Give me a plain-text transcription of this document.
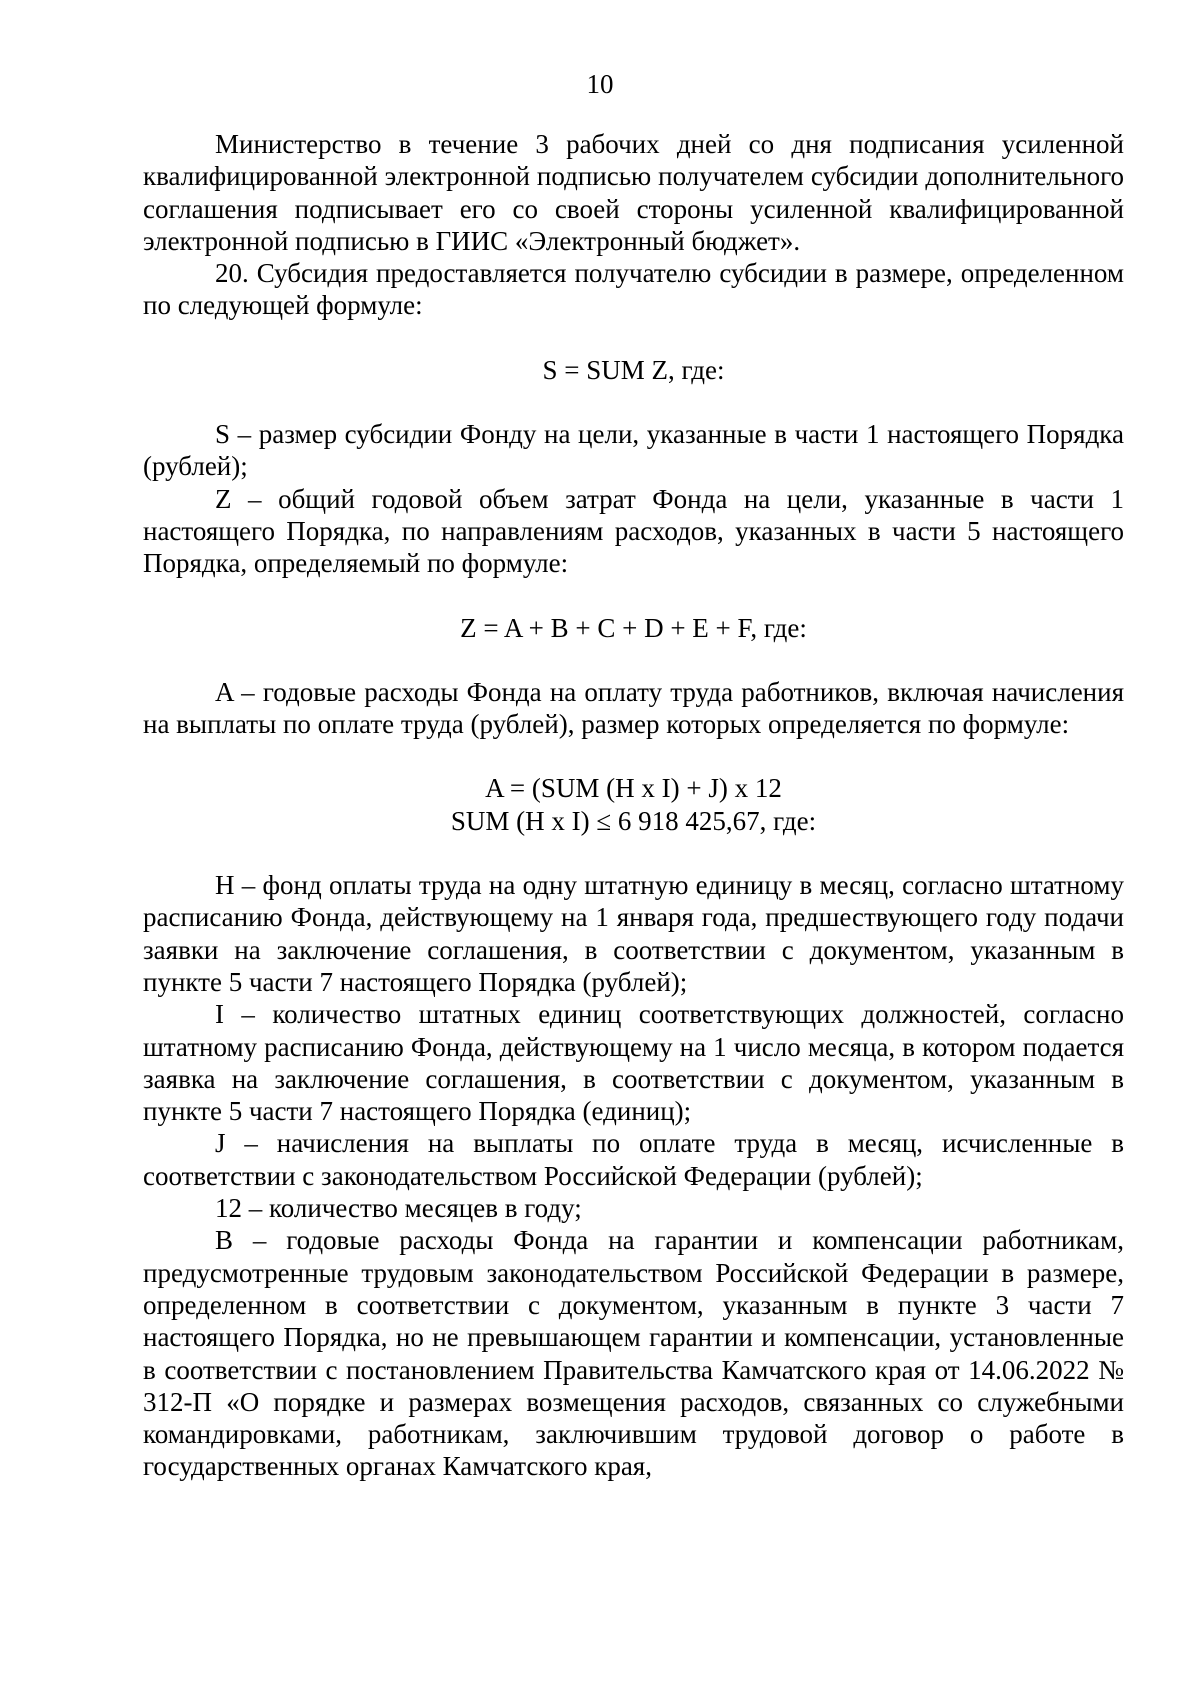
10

Министерство в течение 3 рабочих дней со дня подписания усиленной квалифицированной электронной подписью получателем субсидии дополнительного соглашения подписывает его со своей стороны усиленной квалифицированной электронной подписью в ГИИС «Электронный бюджет».

20. Субсидия предоставляется получателю субсидии в размере, определенном по следующей формуле:

S = SUM Z, где:

S – размер субсидии Фонду на цели, указанные в части 1 настоящего Порядка (рублей);

Z – общий годовой объем затрат Фонда на цели, указанные в части 1 настоящего Порядка, по направлениям расходов, указанных в части 5 настоящего Порядка, определяемый по формуле:

Z = A + B + C + D + E + F, где:

A – годовые расходы Фонда на оплату труда работников, включая начисления на выплаты по оплате труда (рублей), размер которых определяется по формуле:

A = (SUM (H x I) + J) x 12

SUM (H x I) ≤ 6 918 425,67, где:

H – фонд оплаты труда на одну штатную единицу в месяц, согласно штатному расписанию Фонда, действующему на 1 января года, предшествующего году подачи заявки на заключение соглашения, в соответствии с документом, указанным в пункте 5 части 7 настоящего Порядка (рублей);

I – количество штатных единиц соответствующих должностей, согласно штатному расписанию Фонда, действующему на 1 число месяца, в котором подается заявка на заключение соглашения, в соответствии с документом, указанным в пункте 5 части 7 настоящего Порядка (единиц);

J – начисления на выплаты по оплате труда в месяц, исчисленные в соответствии с законодательством Российской Федерации (рублей);

12 – количество месяцев в году;

B – годовые расходы Фонда на гарантии и компенсации работникам, предусмотренные трудовым законодательством Российской Федерации в размере, определенном в соответствии с документом, указанным в пункте 3 части 7 настоящего Порядка, но не превышающем гарантии и компенсации, установленные в соответствии с постановлением Правительства Камчатского края от 14.06.2022 № 312-П «О порядке и размерах возмещения расходов, связанных со служебными командировками, работникам, заключившим трудовой договор о работе в государственных органах Камчатского края,
